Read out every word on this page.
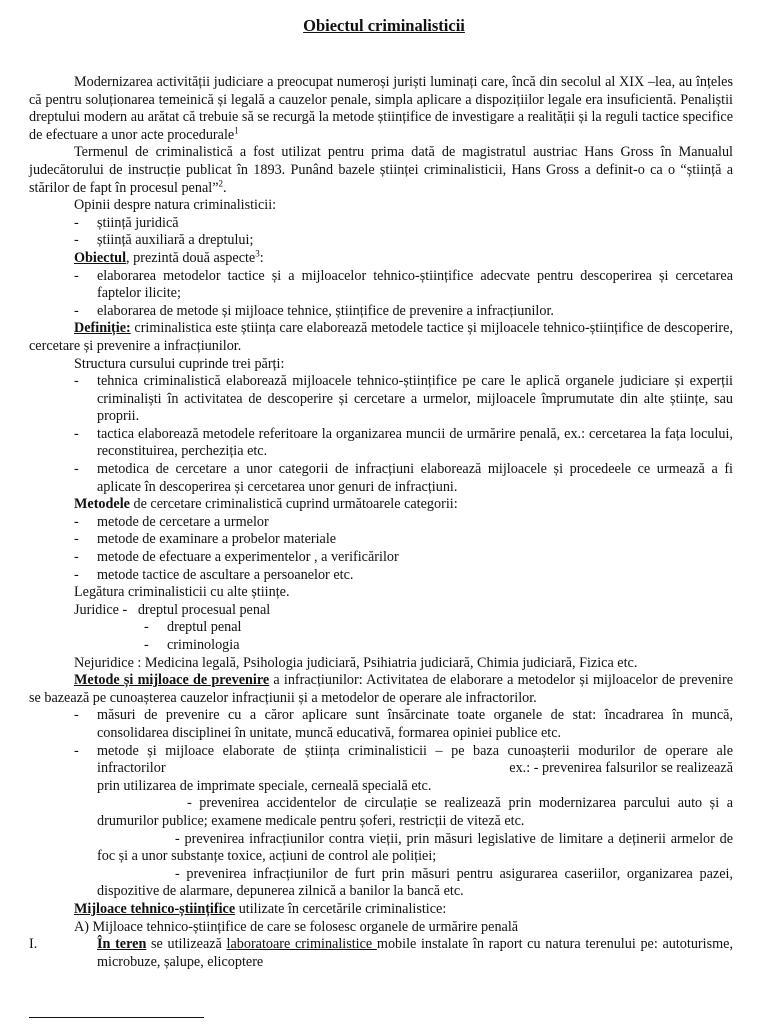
Obiectul criminalisticii

Modernizarea activității judiciare a preocupat numeroși juriști luminați care, încă din secolul al XIX –lea, au înțeles că pentru soluționarea temeinică și legală a cauzelor penale, simpla aplicare a dispozițiilor legale era insuficientă. Penaliștii dreptului modern au arătat că trebuie să se recurgă la metode științifice de investigare a realității și la reguli tactice specifice de efectuare a unor acte procedurale$^1$

Termenul de criminalistică a fost utilizat pentru prima dată de magistratul austriac Hans Gross în Manualul judecătorului de instrucție publicat în 1893. Punând bazele științei criminalisticii, Hans Gross a definit-o ca o “știință a stărilor de fapt în procesul penal”$^2$.

Opinii despre natura criminalisticii:

- știință juridică
- știință auxiliară a dreptului;

Obiectul, prezintă două aspecte$^3$:

- elaborarea metodelor tactice și a mijloacelor tehnico-științifice adecvate pentru descoperirea și cercetarea faptelor ilicite;
- elaborarea de metode și mijloace tehnice, științifice de prevenire a infracțiunilor.

Definiție: criminalistica este știința care elaborează metodele tactice și mijloacele tehnico-științifice de descoperire, cercetare și prevenire a infracțiunilor.

Structura cursului cuprinde trei părți:

- tehnica criminalistică elaborează mijloacele tehnico-științifice pe care le aplică organele judiciare și experții criminaliști în activitatea de descoperire și cercetare a urmelor, mijloacele împrumutate din alte științe, sau proprii.
- tactica elaborează metodele referitoare la organizarea muncii de urmărire penală, ex.: cercetarea la fața locului, reconstituirea, percheziția etc.
- metodica de cercetare a unor categorii de infracțiuni elaborează mijloacele și procedeele ce urmează a fi aplicate în descoperirea și cercetarea unor genuri de infracțiuni.

Metodele de cercetare criminalistică cuprind următoarele categorii:

- metode de cercetare a urmelor
- metode de examinare a probelor materiale
- metode de efectuare a experimentelor , a verificărilor
- metode tactice de ascultare a persoanelor etc.

Legătura criminalisticii cu alte științe.

Juridice - dreptul procesual penal
- dreptul penal
- criminologia

Nejuridice : Medicina legală, Psihologia judiciară, Psihiatria judiciară, Chimia judiciară, Fizica etc.

Metode și mijloace de prevenire a infracțiunilor: Activitatea de elaborare a metodelor și mijloacelor de prevenire se bazează pe cunoașterea cauzelor infracțiunii și a metodelor de operare ale infractorilor.

- măsuri de prevenire cu a căror aplicare sunt însărcinate toate organele de stat: încadrarea în muncă, consolidarea disciplinei în unitate, muncă educativă, formarea opiniei publice etc.
- metode și mijloace elaborate de știința criminalisticii – pe baza cunoașterii modurilor de operare ale infractorilor	ex.: - prevenirea falsurilor se realizează
prin utilizarea de imprimate speciale, cerneală specială etc.
- prevenirea accidentelor de circulație se realizează prin modernizarea parcului auto și a drumurilor publice; examene medicale pentru șoferi, restricții de viteză etc.
- prevenirea infracțiunilor contra vieții, prin măsuri legislative de limitare a deținerii armelor de foc și a unor substanțe toxice, acțiuni de control ale poliției;
- prevenirea infracțiunilor de furt prin măsuri pentru asigurarea caseriilor, organizarea pazei, dispozitive de alarmare, depunerea zilnică a banilor la bancă etc.

Mijloace tehnico-științifice utilizate în cercetările criminalistice:

A) Mijloace tehnico-științifice de care se folosesc organele de urmărire penală

I.	În teren se utilizează laboratoare criminalistice mobile instalate în raport cu natura terenului pe: autoturisme, microbuze, șalupe, elicoptere
